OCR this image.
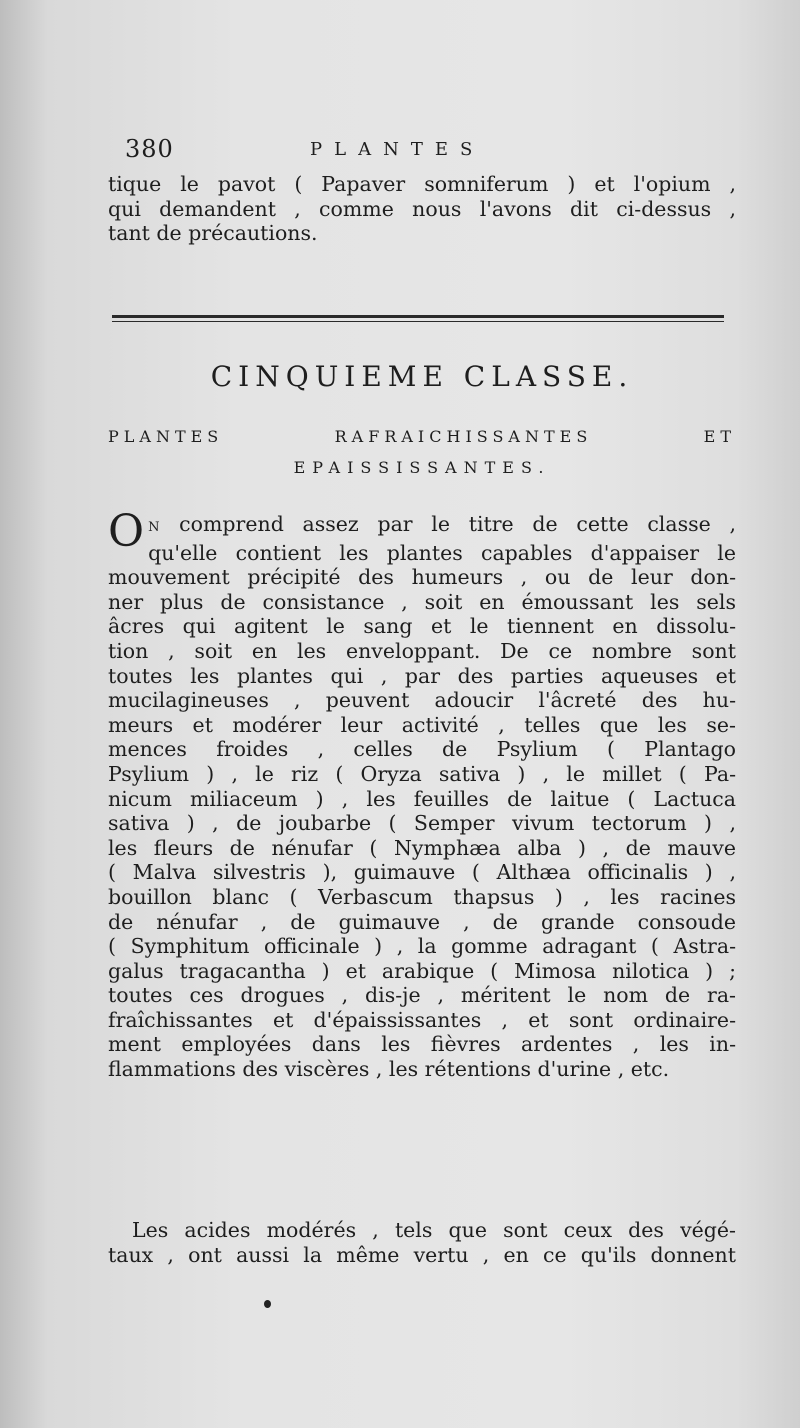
380	PLANTES
tique le pavot ( Papaver somniferum ) et l'opium ,
qui demandent , comme nous l'avons dit ci-dessus ,
tant de précautions.
CINQUIEME CLASSE.
PLANTES RAFRAICHISSANTES ET
EPAISSISSANTES.
O N comprend assez par le titre de cette classe ,
qu'elle contient les plantes capables d'appaiser le
mouvement précipité des humeurs , ou de leur don-
ner plus de consistance , soit en émoussant les sels
âcres qui agitent le sang et le tiennent en dissolu-
tion , soit en les enveloppant. De ce nombre sont
toutes les plantes qui , par des parties aqueuses et
mucilagineuses , peuvent adoucir l'âcreté des hu-
meurs et modérer leur activité , telles que les se-
mences froides , celles de Psylium ( Plantago
Psylium ) , le riz ( Oryza sativa ) , le millet ( Pa-
nicum miliaceum ) , les feuilles de laitue ( Lactuca
sativa ) , de joubarbe ( Semper vivum tectorum ) ,
les fleurs de nénufar ( Nymphæa alba ) , de mauve
( Malva silvestris ), guimauve ( Althæa officinalis ) ,
bouillon blanc ( Verbascum thapsus ) , les racines
de nénufar , de guimauve , de grande consoude
( Symphitum officinale ) , la gomme adragant ( Astra-
galus tragacantha ) et arabique ( Mimosa nilotica ) ;
toutes ces drogues , dis-je , méritent le nom de ra-
fraîchissantes et d'épaississantes , et sont ordinaire-
ment employées dans les fièvres ardentes , les in-
flammations des viscères , les rétentions d'urine , etc.
Les acides modérés , tels que sont ceux des végé-
taux , ont aussi la même vertu , en ce qu'ils donnent
